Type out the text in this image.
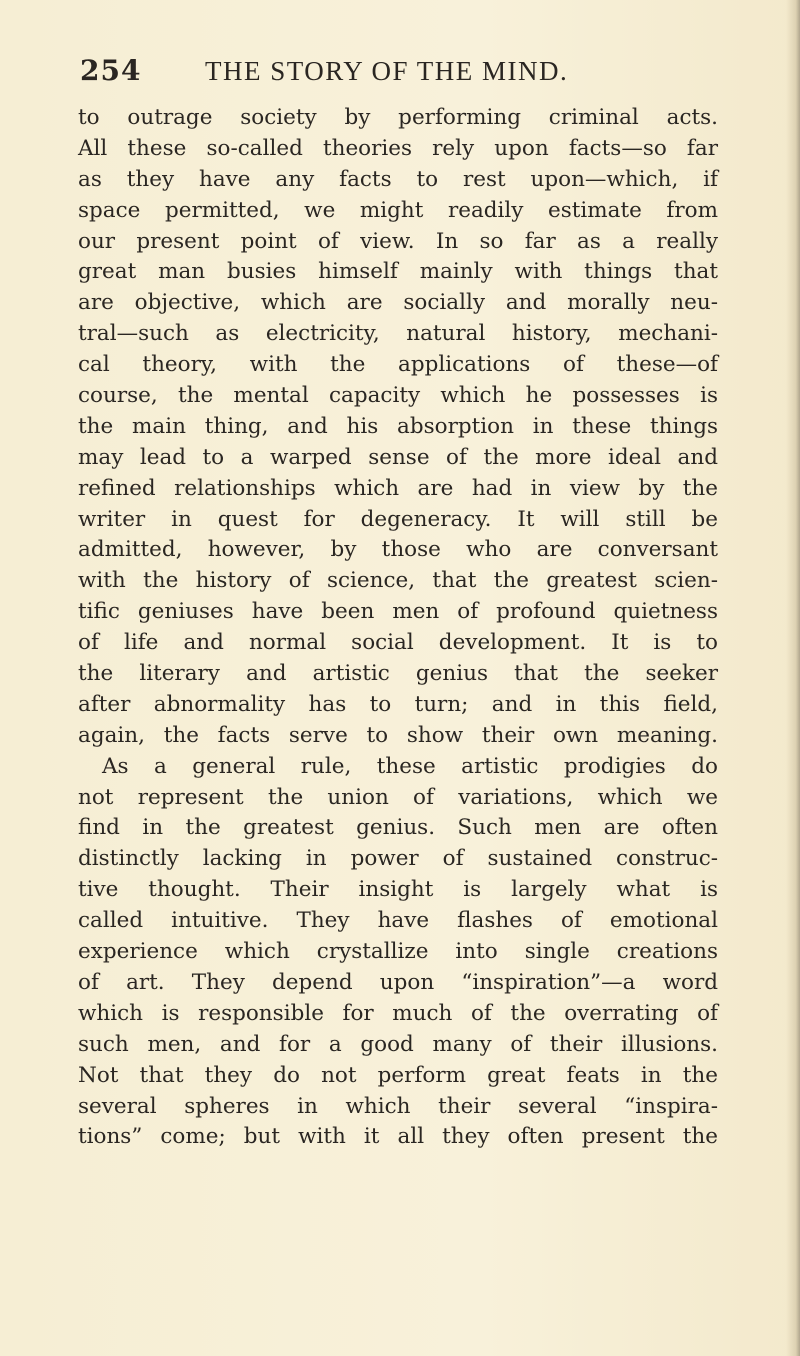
254 THE STORY OF THE MIND.
to outrage society by performing criminal acts.
All these so-called theories rely upon facts—so far
as they have any facts to rest upon—which, if
space permitted, we might readily estimate from
our present point of view. In so far as a really
great man busies himself mainly with things that
are objective, which are socially and morally neu-
tral—such as electricity, natural history, mechani-
cal theory, with the applications of these—of
course, the mental capacity which he possesses is
the main thing, and his absorption in these things
may lead to a warped sense of the more ideal and
refined relationships which are had in view by the
writer in quest for degeneracy. It will still be
admitted, however, by those who are conversant
with the history of science, that the greatest scien-
tific geniuses have been men of profound quietness
of life and normal social development. It is to
the literary and artistic genius that the seeker
after abnormality has to turn; and in this field,
again, the facts serve to show their own meaning.
As a general rule, these artistic prodigies do
not represent the union of variations, which we
find in the greatest genius. Such men are often
distinctly lacking in power of sustained construc-
tive thought. Their insight is largely what is
called intuitive. They have flashes of emotional
experience which crystallize into single creations
of art. They depend upon “inspiration”—a word
which is responsible for much of the overrating of
such men, and for a good many of their illusions.
Not that they do not perform great feats in the
several spheres in which their several “inspira-
tions” come; but with it all they often present the
